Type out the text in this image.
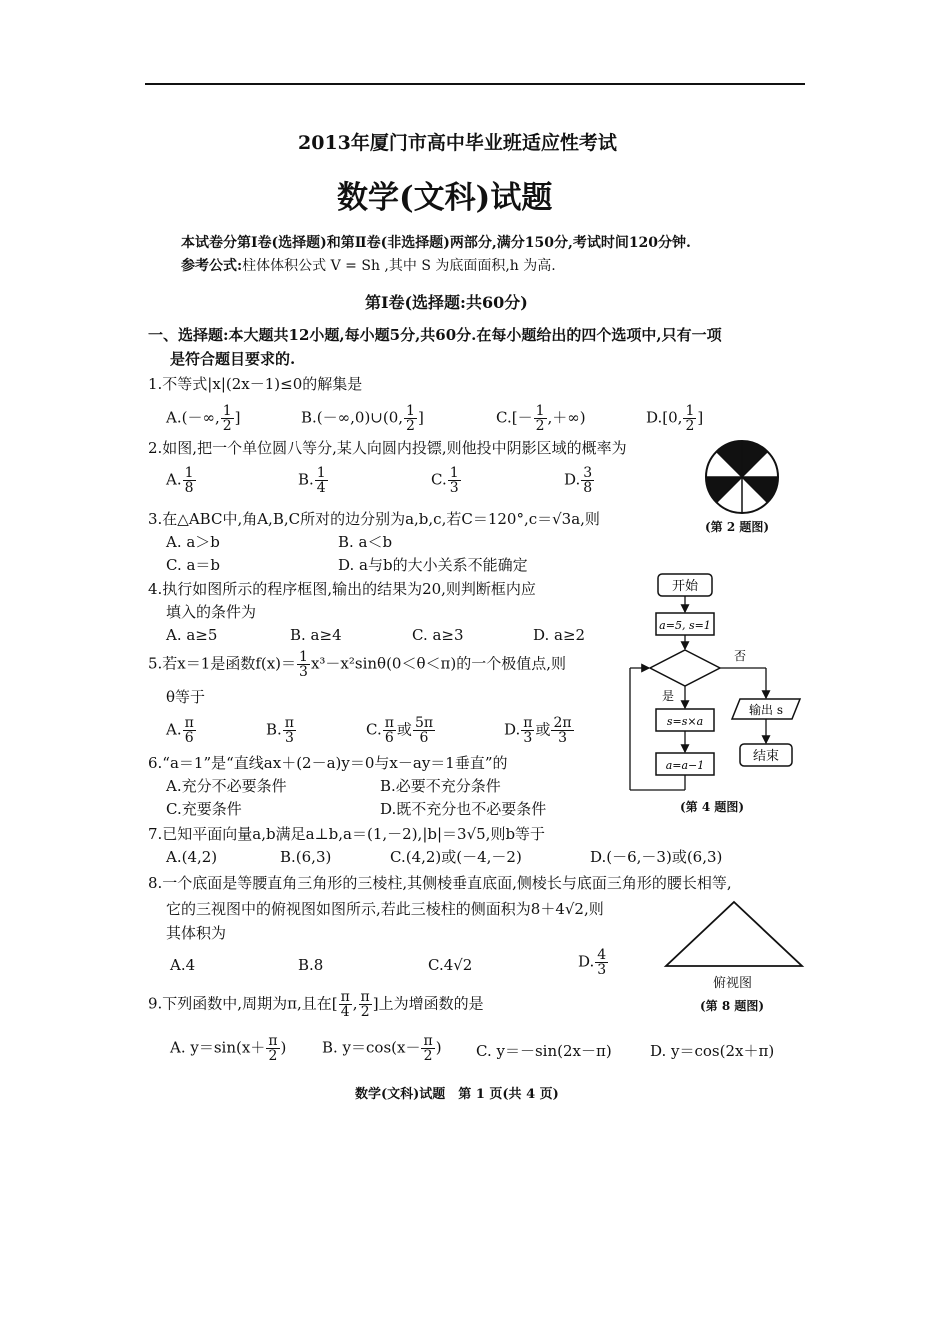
2013年厦门市高中毕业班适应性考试
数学(文科)试题
本试卷分第Ⅰ卷(选择题)和第Ⅱ卷(非选择题)两部分,满分150分,考试时间120分钟.
参考公式:柱体体积公式 V = Sh ,其中 S 为底面面积,h 为高.
第Ⅰ卷(选择题:共60分)
一、选择题:本大题共12小题,每小题5分,共60分.在每小题给出的四个选项中,只有一项
是符合题目要求的.
1.不等式|x|(2x－1)≤0的解集是
A.(－∞, $\frac{1}{2}$ ]	B.(－∞,0)∪(0, $\frac{1}{2}$ ]	$C.[- \frac{1}{2}$ ,＋∞)	D.[0, $\frac{1}{2}$ ]
2.如图,把一个单位圆八等分,某人向圆内投镖,则他投中阴影区域的概率为
A. $\frac{1}{8}$	B. $\frac{1}{4}$	C. $\frac{1}{3}$	D. $\frac{3}{8}$
(第 2 题图)
3.在△ABC中,角A,B,C所对的边分别为a,b,c,若C＝120°,c＝√3a,则
A. a＞b	B. a＜b
C. a＝b	D. a与b的大小关系不能确定
4.执行如图所示的程序框图,输出的结果为20,则判断框内应
填入的条件为
A. a≥5	B. a≥4	C. a≥3	D. a≥2
开始
a=5, s=1
否
输出 s
结束
是
s=s×a
a=a−1
(第 4 题图)
5.若x＝1是函数$f(x)= \frac{1}{3} x^3-x^2\sin\theta(0<\theta<\pi)$的一个极值点,则
θ等于
A. $\frac{\pi}{6}$	B. $\frac{\pi}{3}$	C. $\frac{\pi}{6}$ 或 $\frac{5\pi}{6}$	D. $\frac{\pi}{3}$ 或 $\frac{2\pi}{3}$
6.“a＝1”是“直线ax＋(2－a)y＝0与x－ay＝1垂直”的
A.充分不必要条件	B.必要不充分条件
C.充要条件	D.既不充分也不必要条件
7.已知平面向量a,b满足a⊥b,a＝(1,－2),|b|＝3√5,则b等于
A.(4,2)	B.(6,3)	C.(4,2)或(－4,－2)	D.(－6,－3)或(6,3)
8.一个底面是等腰直角三角形的三棱柱,其侧棱垂直底面,侧棱长与底面三角形的腰长相等,
它的三视图中的俯视图如图所示,若此三棱柱的侧面积为8＋4√2,则
其体积为
A.4	B.8	C.4√2	D. $\frac{4}{3}$
俯视图
(第 8 题图)
9.下列函数中,周期为π,且在[ $\frac{\pi}{4}$ , $\frac{\pi}{2}$ ]上为增函数的是
A. $y=\sin(x+ \frac{\pi}{2}$ ) B. $y=\cos(x- \frac{\pi}{2}$ ) C. y＝－sin(2x－π)	D. y＝cos(2x＋π)
数学(文科)试题　第 1 页(共 4 页)
